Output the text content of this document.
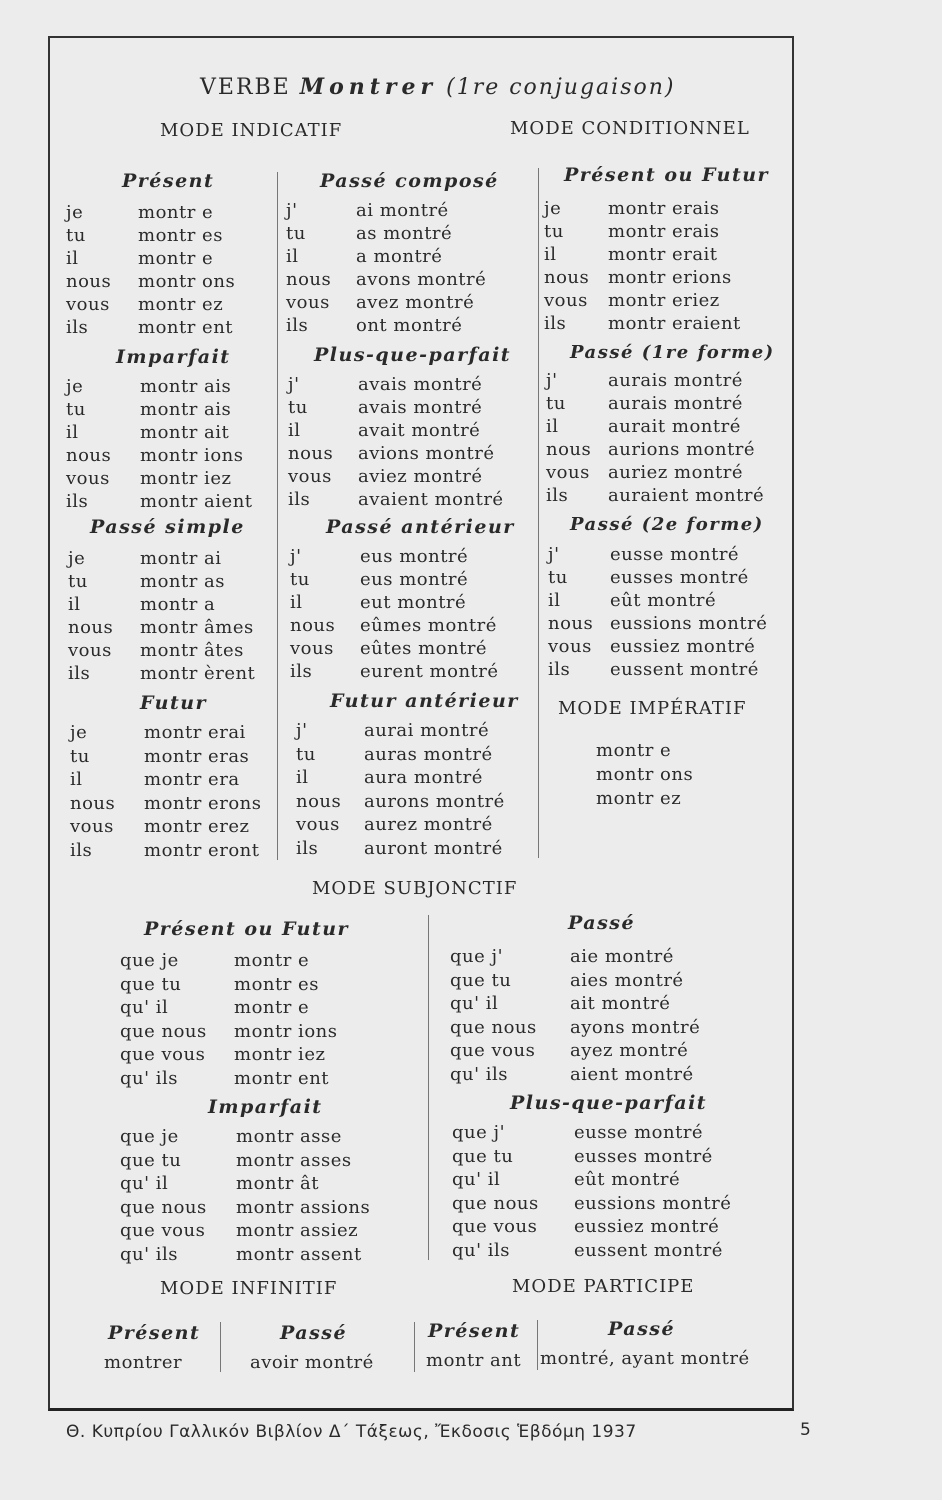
VERBE Montrer (1re conjugaison)
MODE INDICATIF	MODE CONDITIONNEL
Présent
je	montr e
tu	montr es
il	montr e
nous montr ons
vous montr ez
ils	montr ent
Imparfait
je	montr ais
tu	montr ais
il	montr ait
nous montr ions
vous montr iez
ils	montr aient
Passé simple
je	montr ai
tu	montr as
il	montr a
nous montr âmes
vous montr âtes
ils	montr èrent
Futur
je	montr erai
tu	montr eras
il	montr era
nous montr erons
vous montr erez
ils	montr eront
Passé composé
j'	ai montré
tu	as montré
il	a montré
nous avons montré
vous avez montré
ils	ont montré
Plus-que-parfait
j'	avais montré
tu	avais montré
il	avait montré
nous avions montré
vous aviez montré
ils	avaient montré
Passé antérieur
j'	eus montré
tu	eus montré
il	eut montré
nous eûmes montré
vous eûtes montré
ils	eurent montré
Futur antérieur
j'	aurai montré
tu	auras montré
il	aura montré
nous aurons montré
vous aurez montré
ils	auront montré
Présent ou Futur
je	montr erais
tu montr erais
il	montr erait
nous montr erions
vous montr eriez
ils montr eraient
Passé (1re forme)
j'	aurais montré
tu aurais montré
il	aurait montré
nous aurions montré
vous auriez montré
ils auraient montré
Passé (2e forme)
j'	eusse montré
tu eusses montré
il	eût montré
nous eussions montré
vous eussiez montré
ils eussent montré
Présent ou Futur
que je	montr e
que tu	montr es
qu' il	montr e
que nous montr ions
que vous montr iez
qu' ils	montr ent
Imparfait
que je	montr asse
que tu	montr asses
qu' il	montr ât
que nous montr assions
que vous montr assiez
qu' ils	montr assent
Passé
que j'	aie montré
que tu	aies montré
qu' il	ait montré
que nous ayons montré
que vous ayez montré
qu' ils	aient montré
Plus-que-parfait
que j'	eusse montré
que tu	eusses montré
qu' il	eût montré
que nous eussions montré
que vous eussiez montré
qu' ils	eussent montré
MODE IMPÉRATIF
montr e
montr ons
montr ez
MODE SUBJONCTIF
MODE INFINITIF	MODE PARTICIPE
Présent
montrer
Passé
avoir montré
Présent
montr ant
Passé
montré, ayant montré
Θ. Κυπρίου Γαλλικόν Βιβλίον Δ΄ Τάξεως, Ἔκδοσις Ἑβδόμη 1937	5
